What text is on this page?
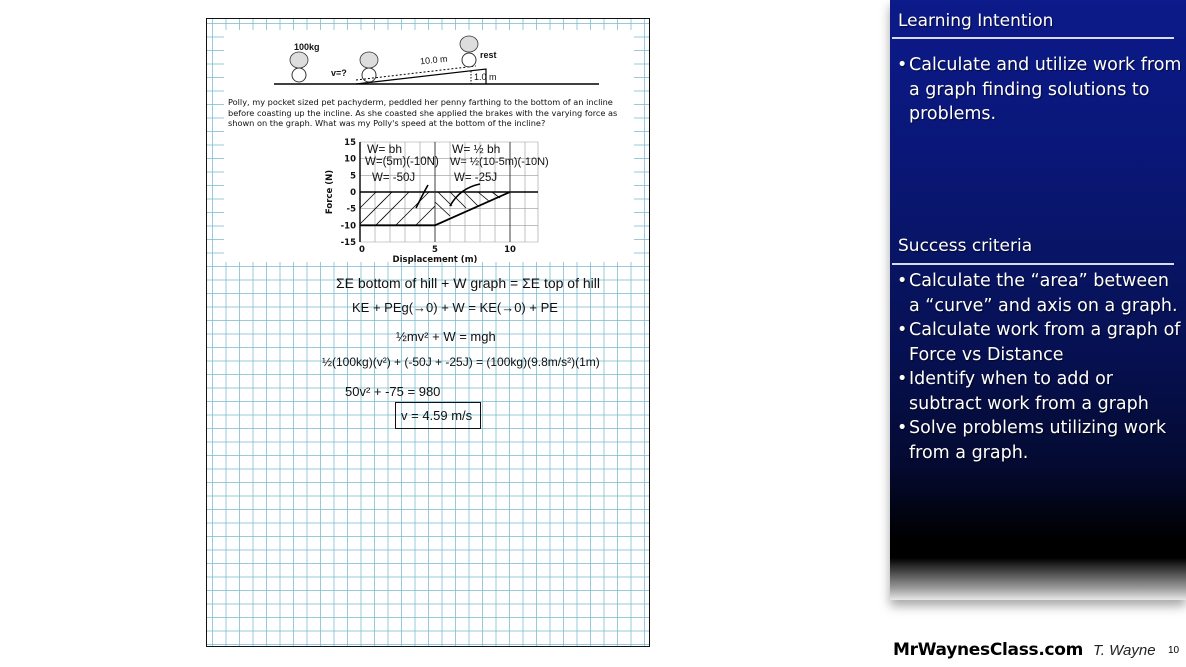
100kg
v=?
10.0 m	rest
1.0 m
15
10
5
0
-5
-10
-15
0	5	10
Displacement (m)
Force (N)
W= bh
W=(5m)(-10N)
W= -50J
W= ½ bh
W= ½(10-5m)(-10N)
W= -25J
Polly, my pocket sized pet pachyderm, peddled her penny farthing to the bottom of an incline before coasting up the incline. As she coasted she applied the brakes with the varying force as shown on the graph. What was my Polly's speed at the bottom of the incline?
ΣE bottom of hill + W graph = ΣE top of hill
KE + PEg(→0) + W = KE(→0) + PE
½mv² + W = mgh
½(100kg)(v²) + (-50J + -25J) = (100kg)(9.8m/s²)(1m)
50v² + -75 = 980
v = 4.59 m/s
Learning Intention
• Calculate and utilize work from a graph finding solutions to problems.
Success criteria
• Calculate the “area” between a “curve” and axis on a graph.
• Calculate work from a graph of Force vs Distance
• Identify when to add or subtract work from a graph
• Solve problems utilizing work from a graph.
MrWaynesClass.com T. Wayne 10
